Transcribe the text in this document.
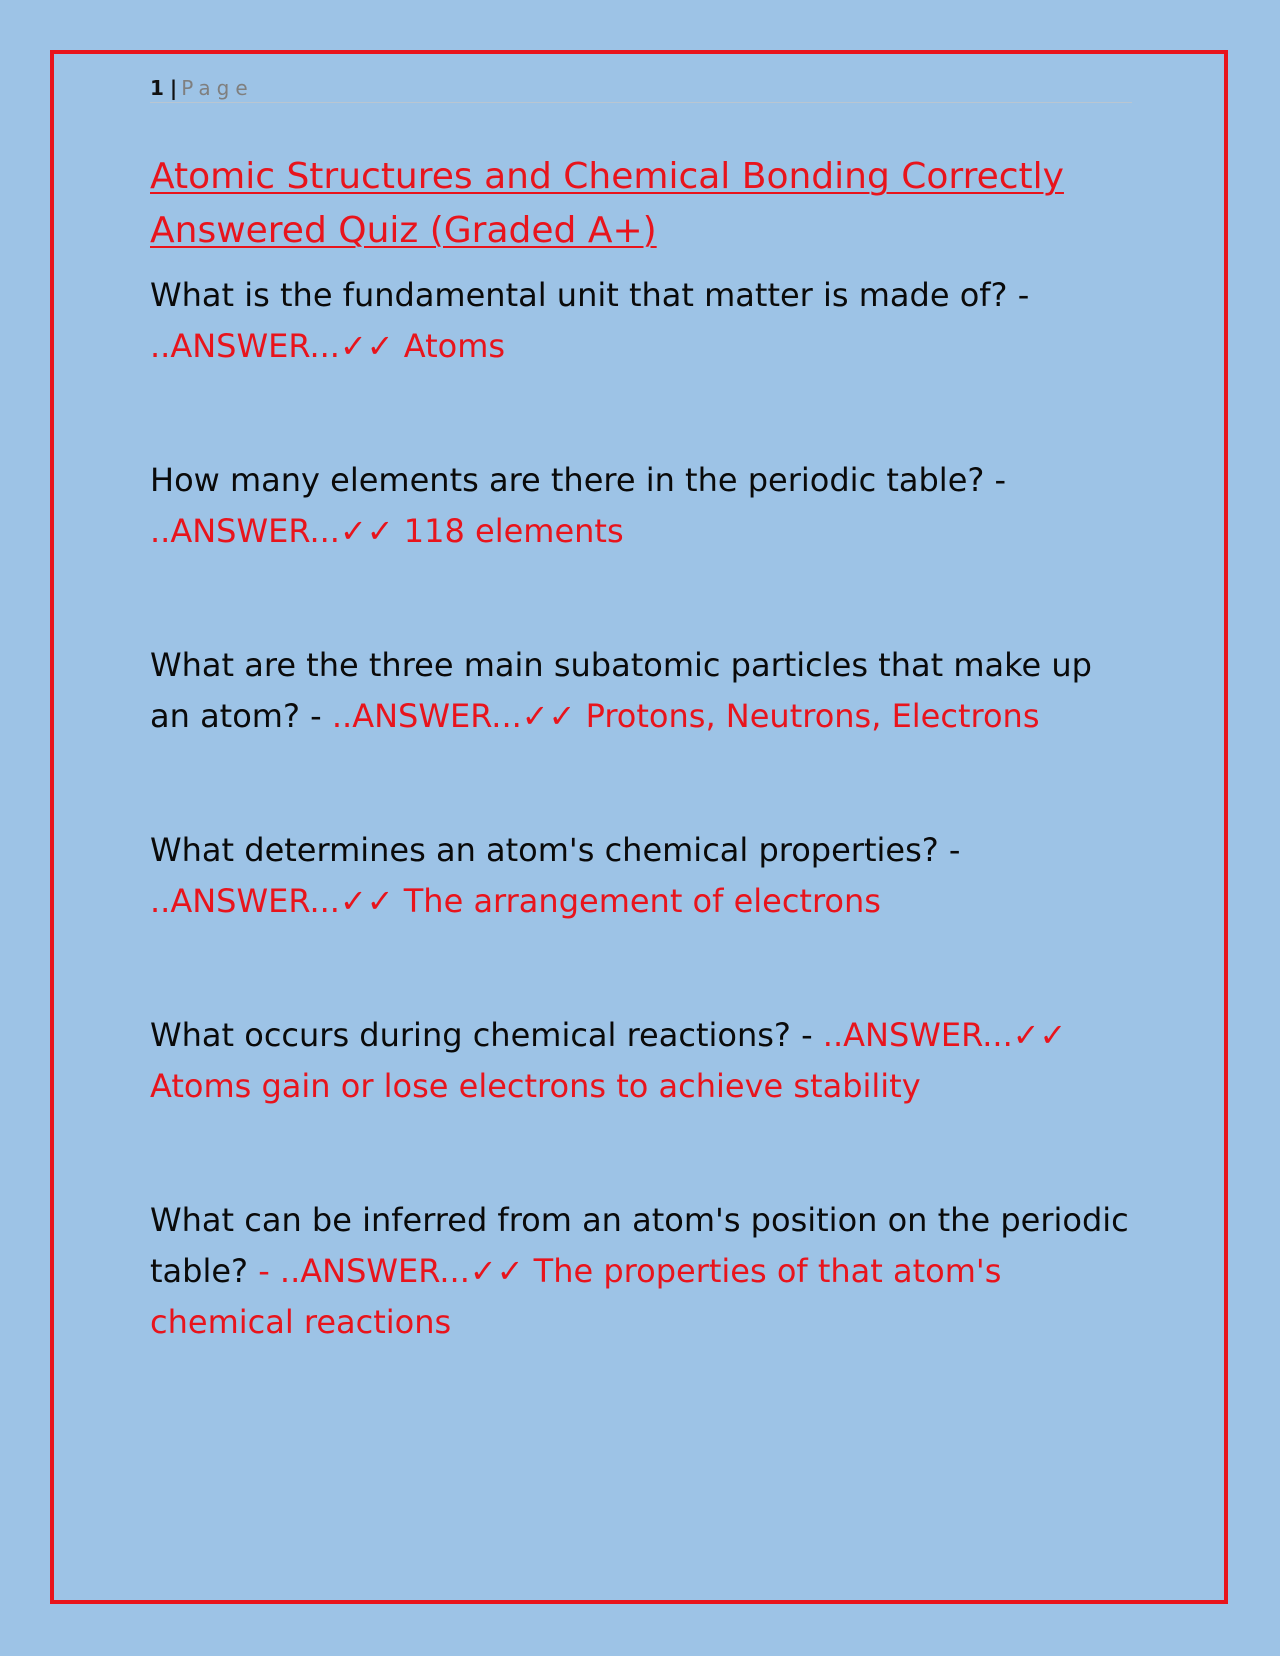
1 | Page
Atomic Structures and Chemical Bonding Correctly Answered Quiz (Graded A+)

What is the fundamental unit that matter is made of? - ..ANSWER...✓✓ Atoms

How many elements are there in the periodic table? - ..ANSWER...✓✓ 118 elements

What are the three main subatomic particles that make up an atom? - ..ANSWER...✓✓ Protons, Neutrons, Electrons

What determines an atom's chemical properties? - ..ANSWER...✓✓ The arrangement of electrons

What occurs during chemical reactions? - ..ANSWER...✓✓ Atoms gain or lose electrons to achieve stability

What can be inferred from an atom's position on the periodic table? - ..ANSWER...✓✓ The properties of that atom's chemical reactions
